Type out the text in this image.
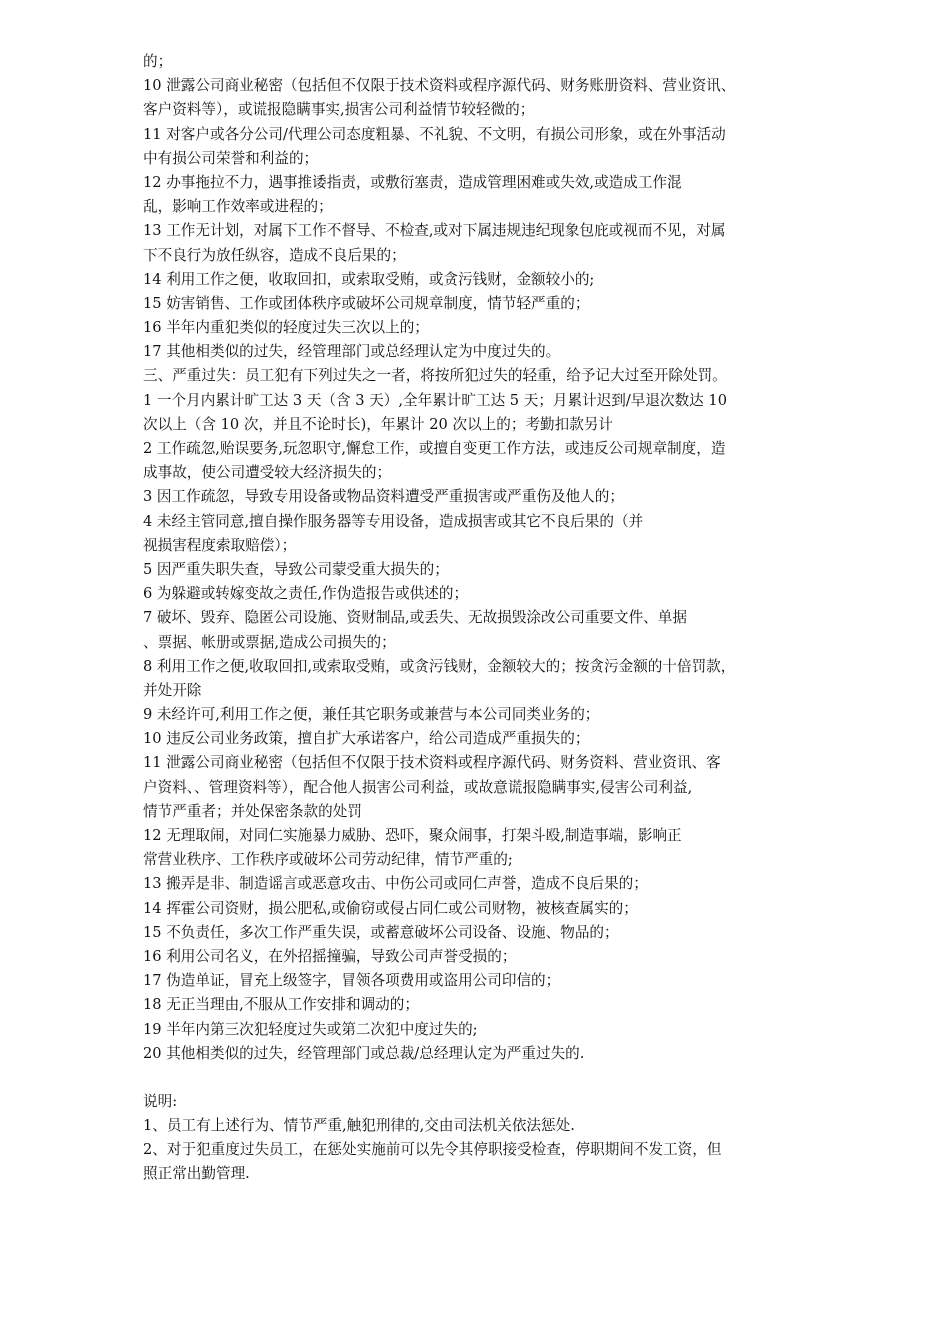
的；
10 泄露公司商业秘密（包括但不仅限于技术资料或程序源代码、财务账册资料、营业资讯、
客户资料等），或谎报隐瞒事实,损害公司利益情节较轻微的；
11 对客户或各分公司/代理公司态度粗暴、不礼貌、不文明，有损公司形象，或在外事活动
中有损公司荣誉和利益的；
12 办事拖拉不力，遇事推诿指责，或敷衍塞责，造成管理困难或失效,或造成工作混
乱，影响工作效率或进程的；
13 工作无计划，对属下工作不督导、不检查,或对下属违规违纪现象包庇或视而不见，对属
下不良行为放任纵容，造成不良后果的；
14 利用工作之便，收取回扣，或索取受贿，或贪污钱财，金额较小的;
15 妨害销售、工作或团体秩序或破坏公司规章制度，情节轻严重的；
16 半年内重犯类似的轻度过失三次以上的；
17 其他相类似的过失，经管理部门或总经理认定为中度过失的。
三、严重过失：员工犯有下列过失之一者，将按所犯过失的轻重，给予记大过至开除处罚。
1 一个月内累计旷工达 3 天（含 3 天）,全年累计旷工达 5 天；月累计迟到/早退次数达 10
次以上（含 10 次，并且不论时长)，年累计 20 次以上的；考勤扣款另计
2 工作疏忽,贻误要务,玩忽职守,懈怠工作，或擅自变更工作方法，或违反公司规章制度，造
成事故，使公司遭受较大经济损失的；
3 因工作疏忽，导致专用设备或物品资料遭受严重损害或严重伤及他人的；
4 未经主管同意,擅自操作服务器等专用设备，造成损害或其它不良后果的（并
视损害程度索取赔偿）；
5 因严重失职失查，导致公司蒙受重大损失的；
6 为躲避或转嫁变故之责任,作伪造报告或供述的；
7 破坏、毁弃、隐匿公司设施、资财制品,或丢失、无故损毁涂改公司重要文件、单据
、票据、帐册或票据,造成公司损失的；
8 利用工作之便,收取回扣,或索取受贿，或贪污钱财，金额较大的；按贪污金额的十倍罚款，
并处开除
9 未经许可,利用工作之便，兼任其它职务或兼营与本公司同类业务的；
10 违反公司业务政策，擅自扩大承诺客户，给公司造成严重损失的；
11 泄露公司商业秘密（包括但不仅限于技术资料或程序源代码、财务资料、营业资讯、客
户资料、、管理资料等），配合他人损害公司利益，或故意谎报隐瞒事实,侵害公司利益,
情节严重者；并处保密条款的处罚
12 无理取闹，对同仁实施暴力威胁、恐吓，聚众闹事，打架斗殴,制造事端，影响正
常营业秩序、工作秩序或破坏公司劳动纪律，情节严重的;
13 搬弄是非、制造谣言或恶意攻击、中伤公司或同仁声誉，造成不良后果的；
14 挥霍公司资财，损公肥私,或偷窃或侵占同仁或公司财物，被核查属实的；
15 不负责任，多次工作严重失误，或蓄意破坏公司设备、设施、物品的；
16 利用公司名义，在外招摇撞骗，导致公司声誉受损的；
17 伪造单证，冒充上级签字，冒领各项费用或盗用公司印信的；
18 无正当理由,不服从工作安排和调动的；
19 半年内第三次犯轻度过失或第二次犯中度过失的;
20 其他相类似的过失，经管理部门或总裁/总经理认定为严重过失的.
说明:
1、员工有上述行为、情节严重,触犯刑律的,交由司法机关依法惩处.
2、对于犯重度过失员工，在惩处实施前可以先令其停职接受检查，停职期间不发工资，但
照正常出勤管理.
